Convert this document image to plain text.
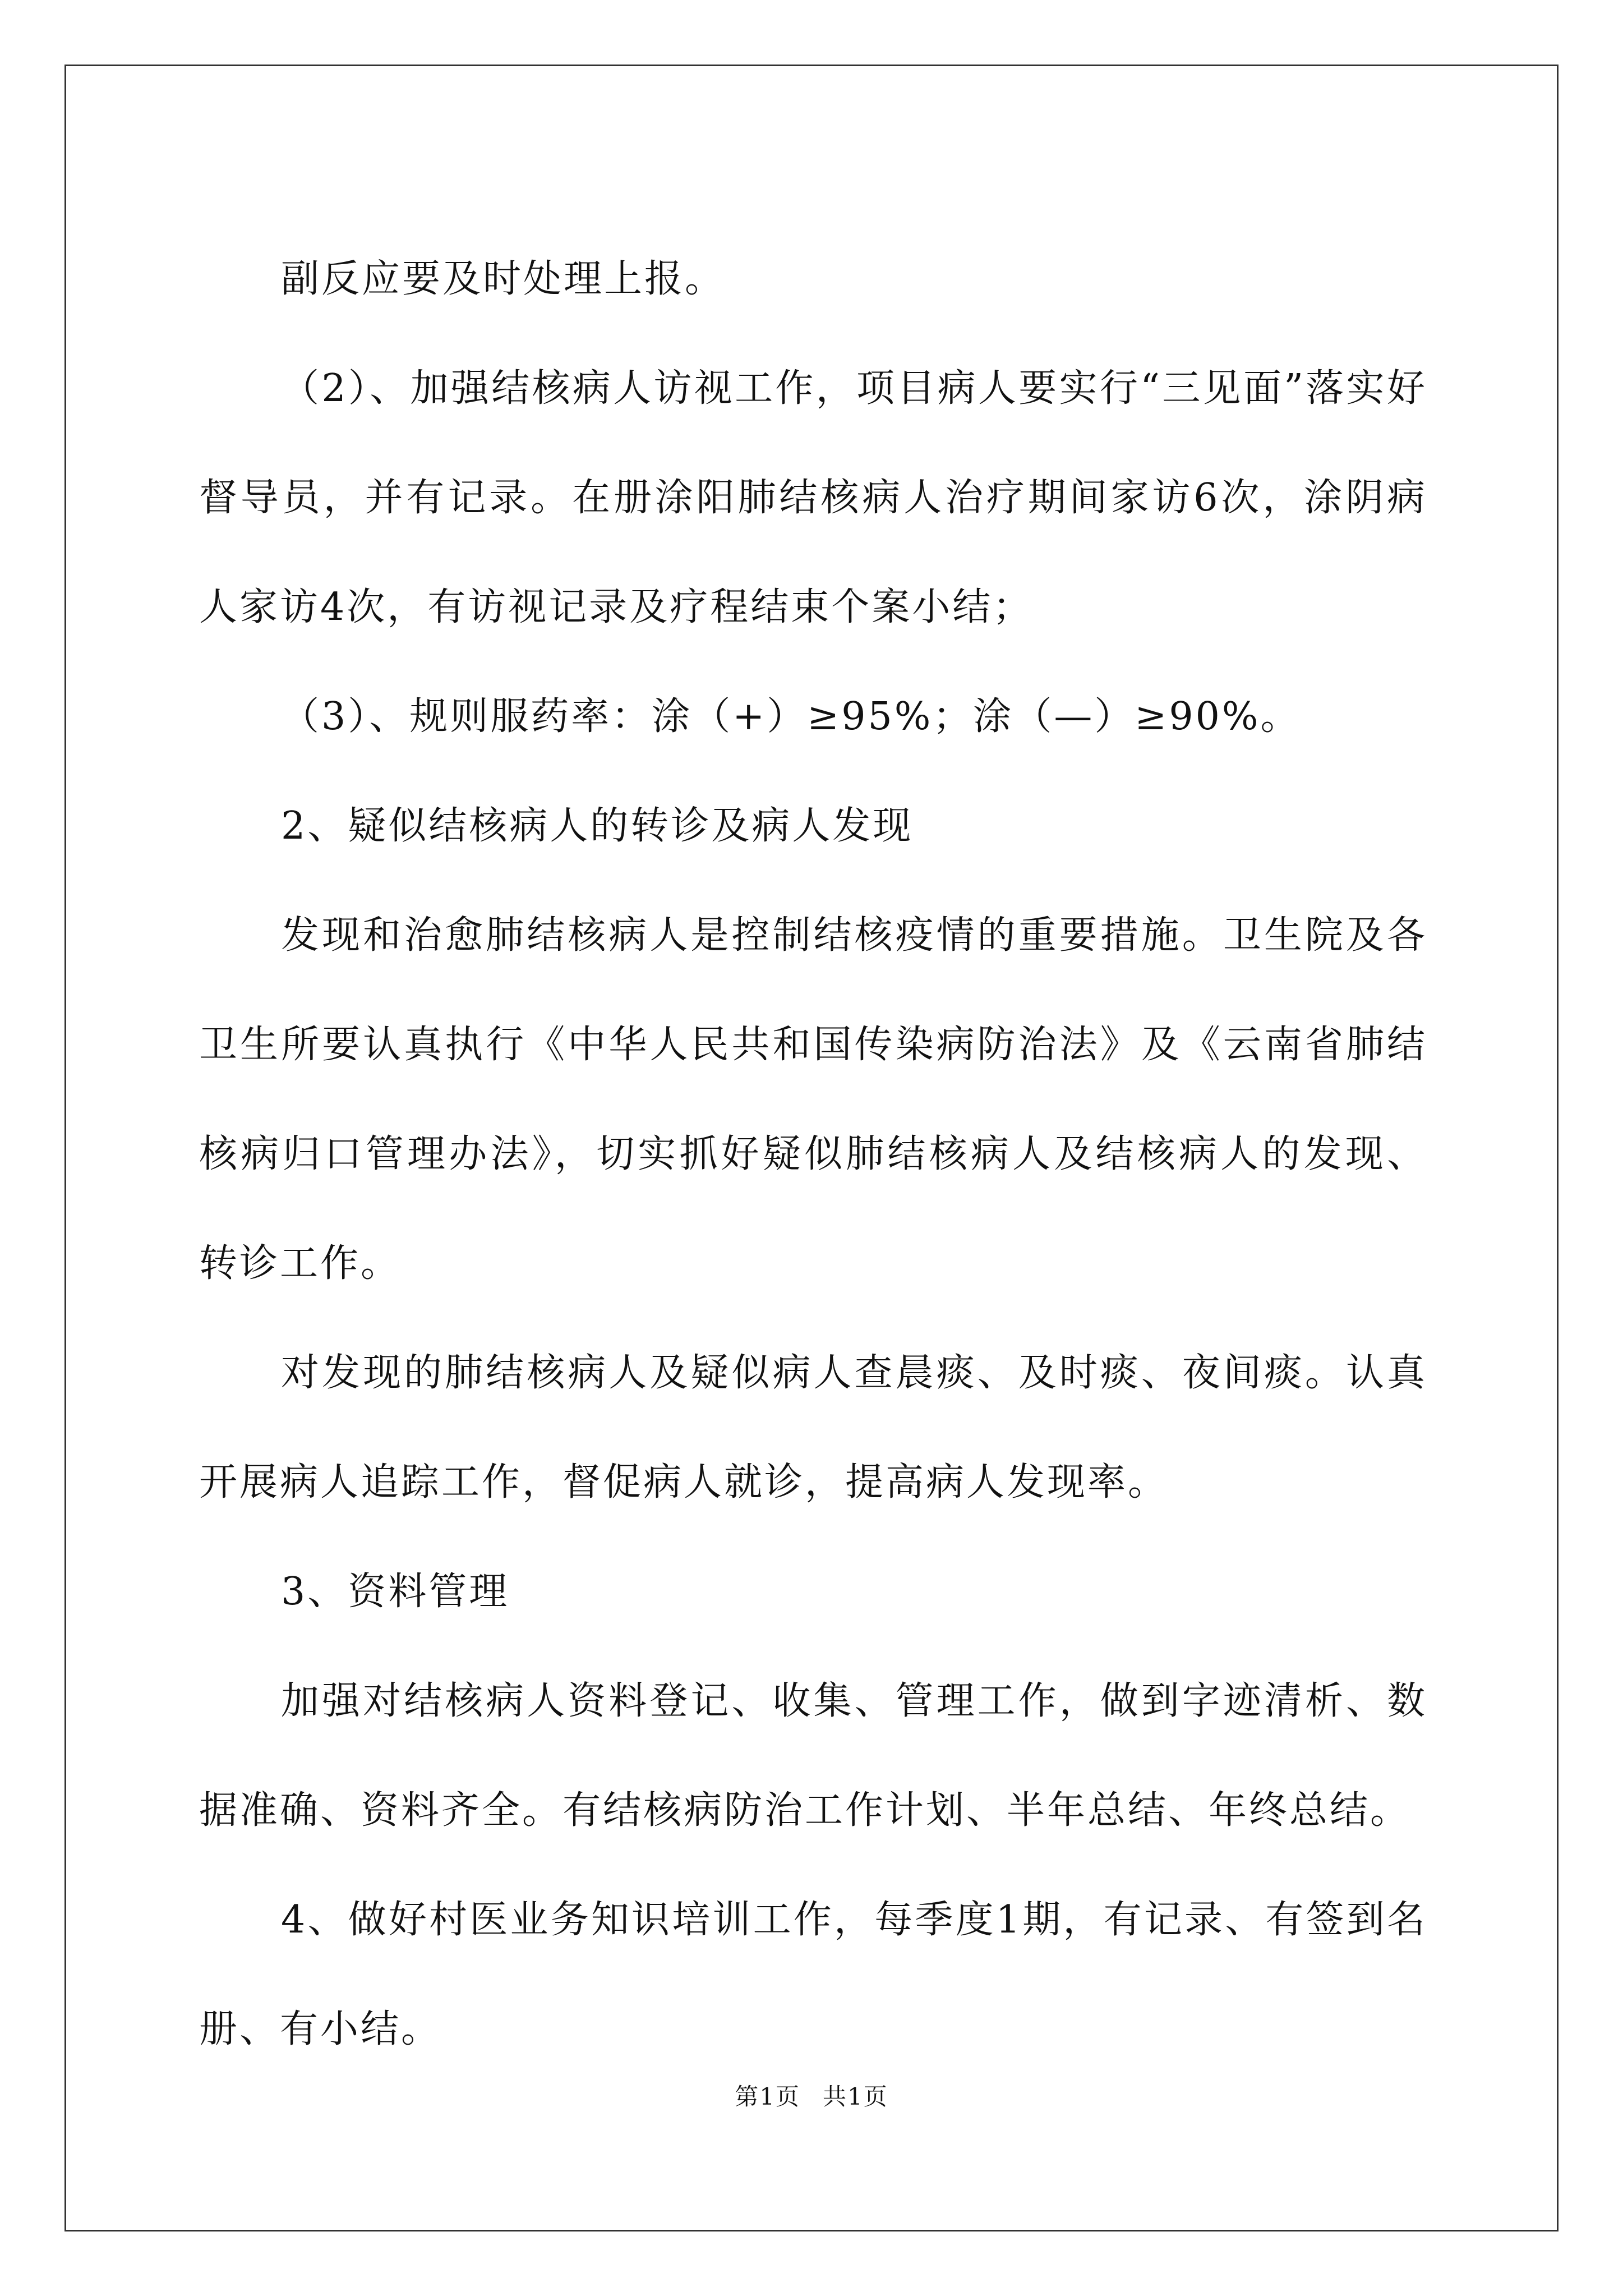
副反应要及时处理上报。

（2）、加强结核病人访视工作，项目病人要实行“三见面”落实好督导员，并有记录。在册涂阳肺结核病人治疗期间家访6次，涂阴病人家访4次，有访视记录及疗程结束个案小结；

（3）、规则服药率：涂（+）≥95%；涂（—）≥90%。

2、疑似结核病人的转诊及病人发现

发现和治愈肺结核病人是控制结核疫情的重要措施。卫生院及各卫生所要认真执行《中华人民共和国传染病防治法》及《云南省肺结核病归口管理办法》，切实抓好疑似肺结核病人及结核病人的发现、转诊工作。

对发现的肺结核病人及疑似病人查晨痰、及时痰、夜间痰。认真开展病人追踪工作，督促病人就诊，提高病人发现率。

3、资料管理

加强对结核病人资料登记、收集、管理工作，做到字迹清析、数据准确、资料齐全。有结核病防治工作计划、半年总结、年终总结。

4、做好村医业务知识培训工作，每季度1期，有记录、有签到名册、有小结。

第1页 共1页
